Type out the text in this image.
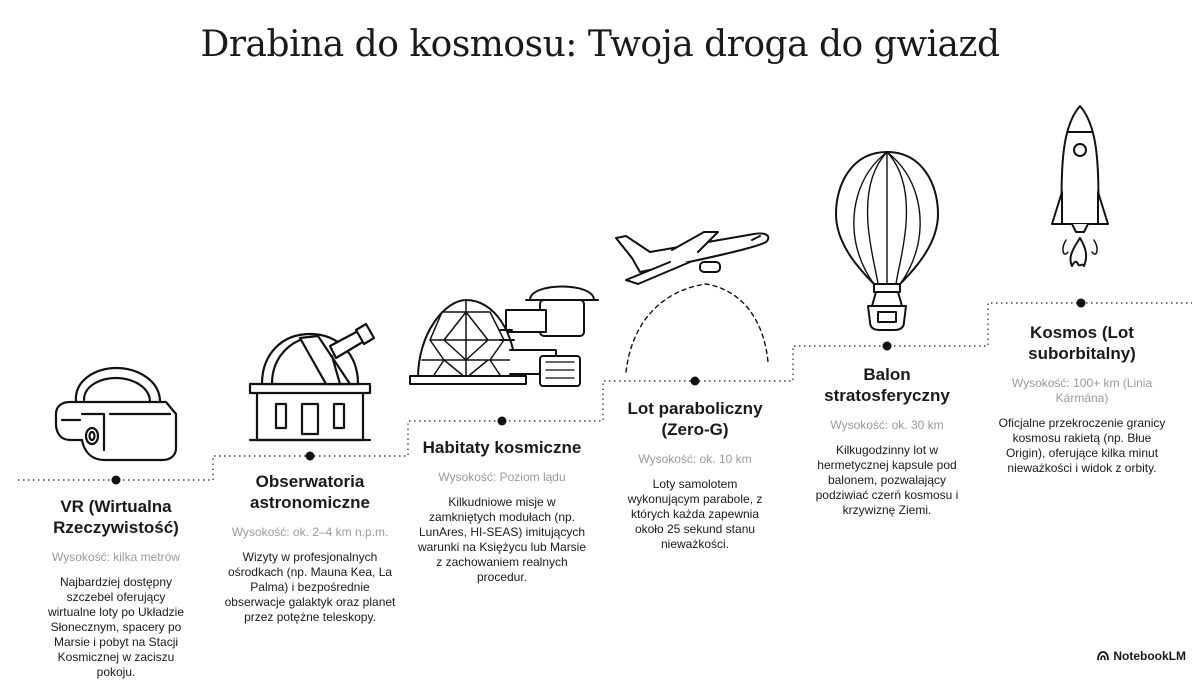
Drabina do kosmosu: Twoja droga do gwiazd
VR (Wirtualna Rzeczywistość)
Wysokość: kilka metrów
Najbardziej dostępny szczebel oferujący wirtualne loty po Układzie Słonecznym, spacery po Marsie i pobyt na Stacji Kosmicznej w zaciszu pokoju.
Obserwatoria astronomiczne
Wysokość: ok. 2–4 km n.p.m.
Wizyty w profesjonalnych ośrodkach (np. Mauna Kea, La Palma) i bezpośrednie obserwacje galaktyk oraz planet przez potężne teleskopy.
Habitaty kosmiczne
Wysokość: Poziom lądu
Kilkudniowe misje w zamkniętych modułach (np. LunAres, HI-SEAS) imitujących warunki na Księżycu lub Marsie z zachowaniem realnych procedur.
Lot paraboliczny (Zero-G)
Wysokość: ok. 10 km
Loty samolotem wykonującym parabole, z których każda zapewnia około 25 sekund stanu nieważkości.
Balon stratosferyczny
Wysokość: ok. 30 km
Kilkugodzinny lot w hermetycznej kapsule pod balonem, pozwalający podziwiać czerń kosmosu i krzywiznę Ziemi.
Kosmos (Lot suborbitalny)
Wysokość: 100+ km (Linia Kármána)
Oficjalne przekroczenie granicy kosmosu rakietą (np. Błue Origin), oferujące kilka minut nieważkości i widok z orbity.
NotebookLM
